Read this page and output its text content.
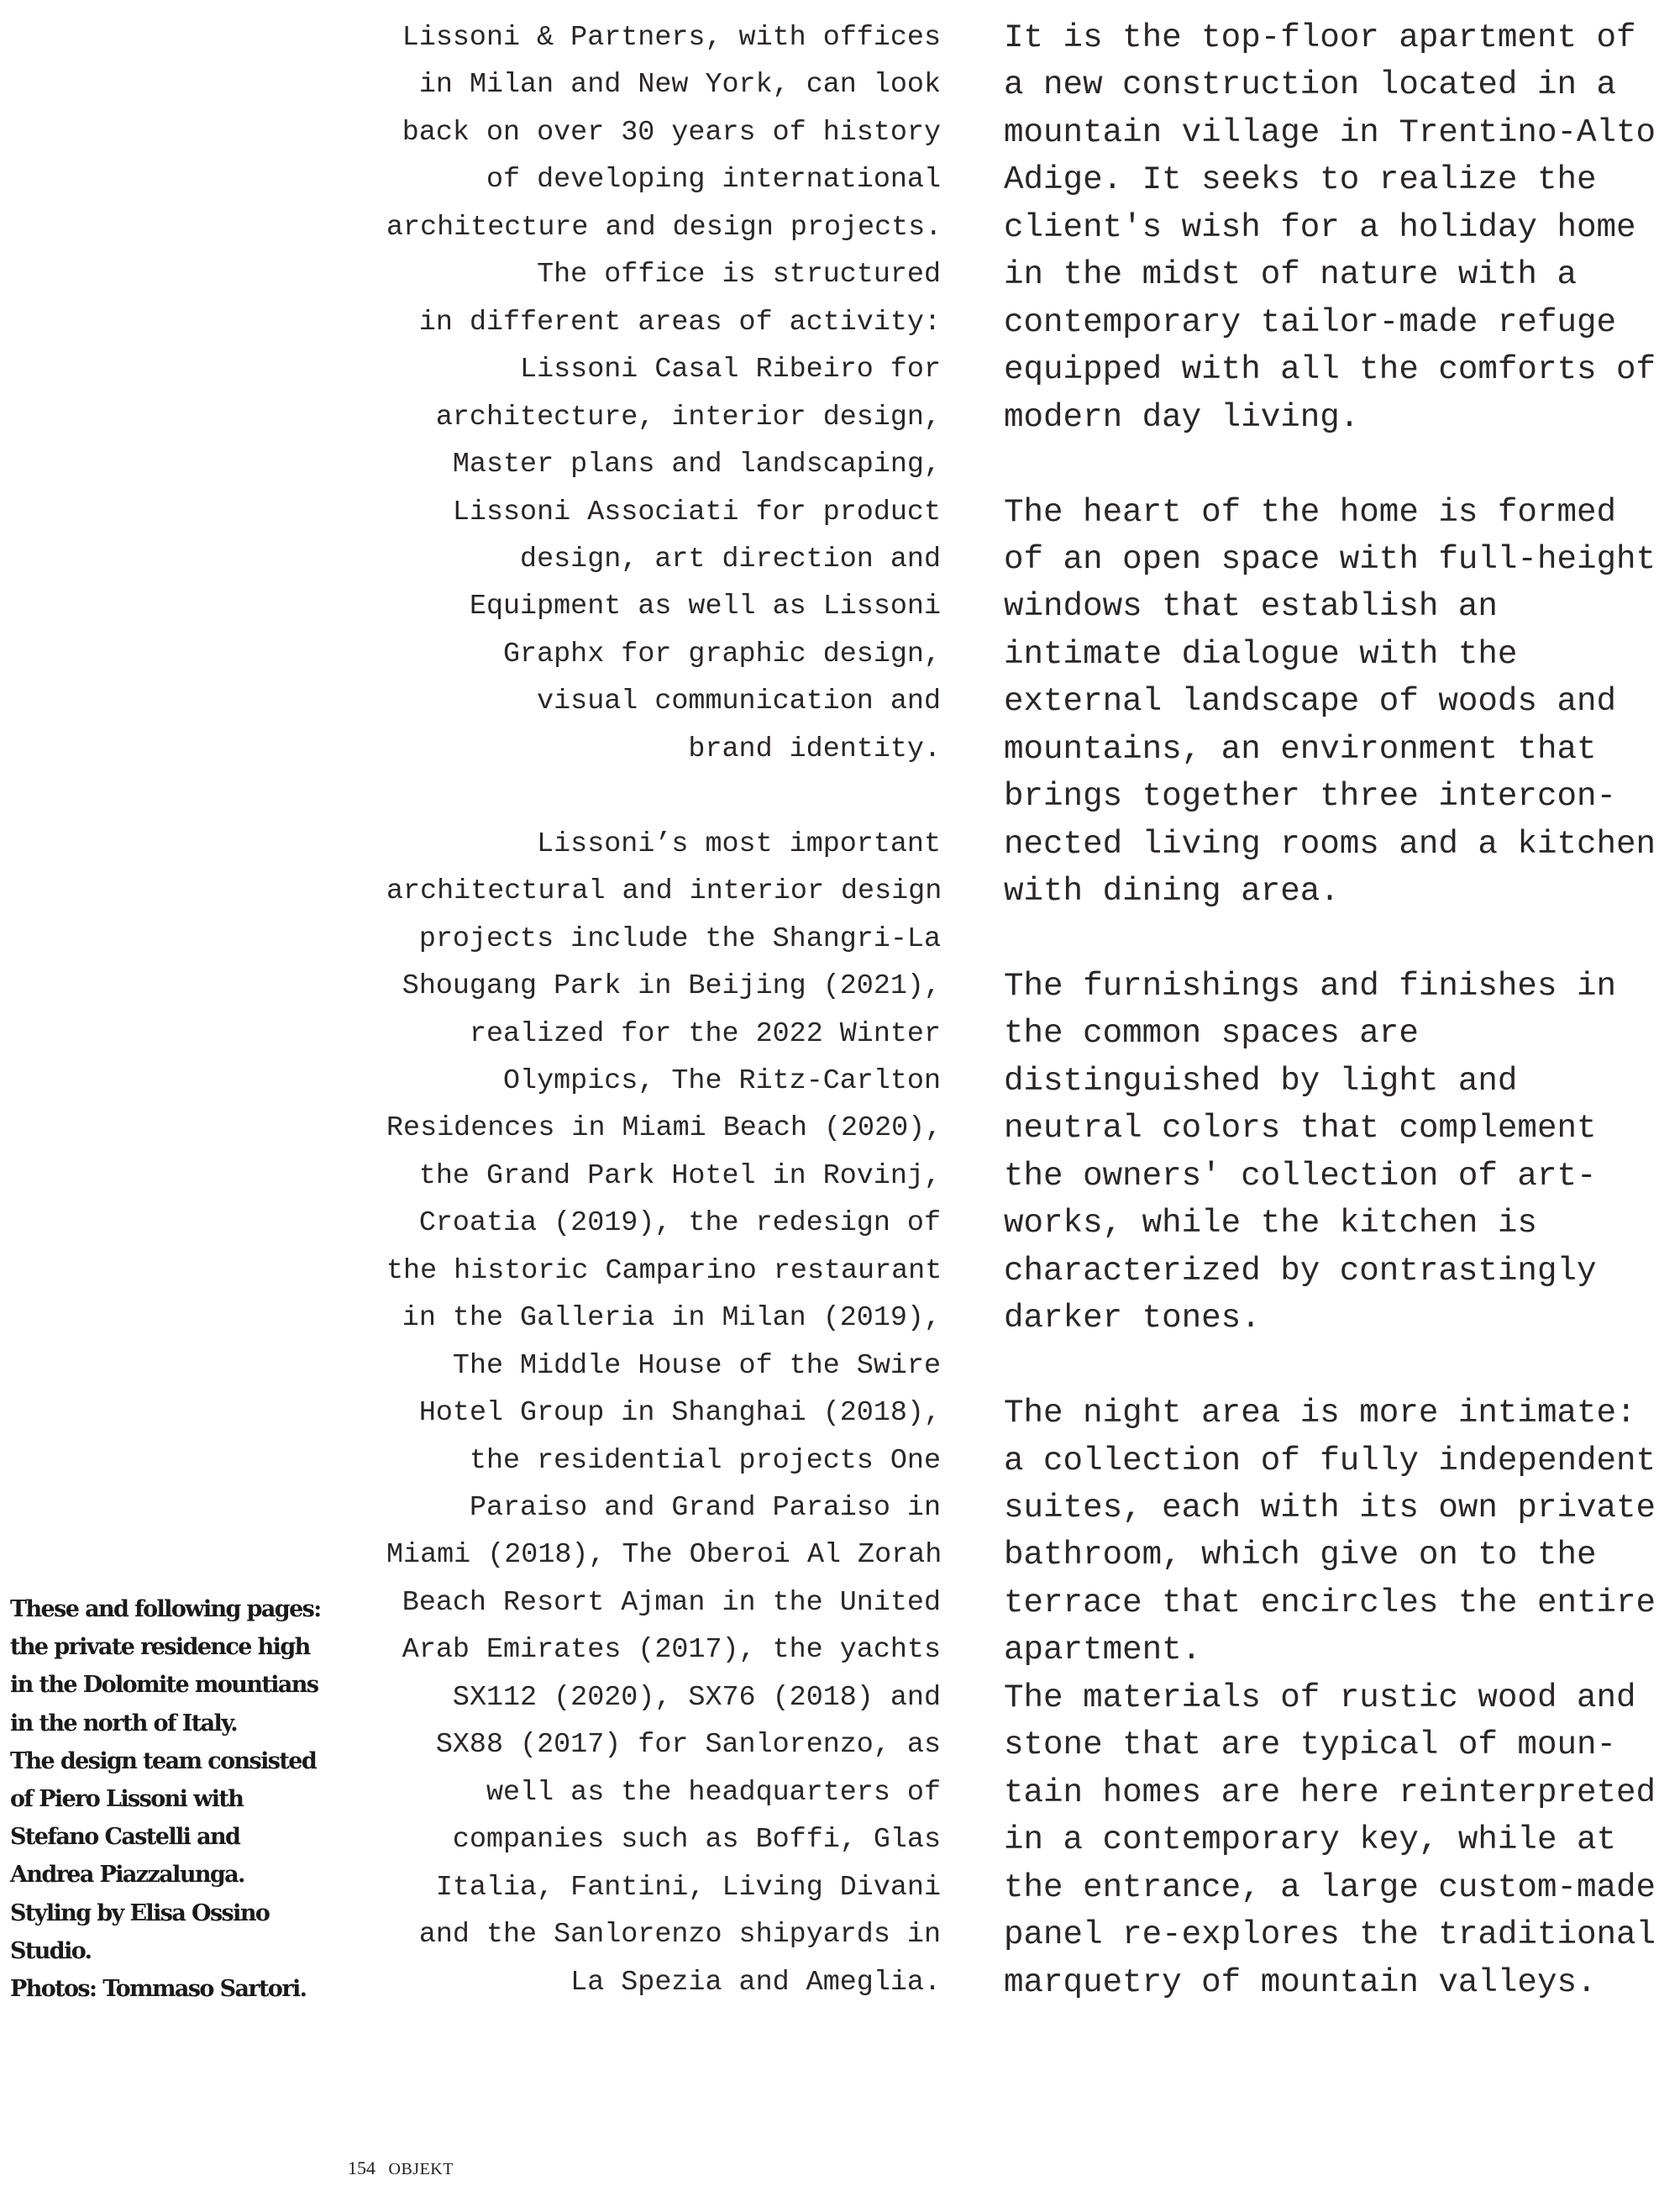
These and following pages:
the private residence high
in the Dolomite mountians
in the north of Italy.
The design team consisted
of Piero Lissoni with
Stefano Castelli and
Andrea Piazzalunga.
Styling by Elisa Ossino
Studio.
Photos: Tommaso Sartori.
Lissoni & Partners, with offices
in Milan and New York, can look
back on over 30 years of history
of developing international
architecture and design projects.
The office is structured
in different areas of activity:
Lissoni Casal Ribeiro for
architecture, interior design,
Master plans and landscaping,
Lissoni Associati for product
design, art direction and
Equipment as well as Lissoni
Graphx for graphic design,
visual communication and
brand identity.
Lissoni’s most important
architectural and interior design
projects include the Shangri-La
Shougang Park in Beijing (2021),
realized for the 2022 Winter
Olympics, The Ritz-Carlton
Residences in Miami Beach (2020),
the Grand Park Hotel in Rovinj,
Croatia (2019), the redesign of
the historic Camparino restaurant
in the Galleria in Milan (2019),
The Middle House of the Swire
Hotel Group in Shanghai (2018),
the residential projects One
Paraiso and Grand Paraiso in
Miami (2018), The Oberoi Al Zorah
Beach Resort Ajman in the United
Arab Emirates (2017), the yachts
SX112 (2020), SX76 (2018) and
SX88 (2017) for Sanlorenzo, as
well as the headquarters of
companies such as Boffi, Glas
Italia, Fantini, Living Divani
and the Sanlorenzo shipyards in
La Spezia and Ameglia.
It is the top-floor apartment of
a new construction located in a
mountain village in Trentino-Alto
Adige. It seeks to realize the
client's wish for a holiday home
in the midst of nature with a
contemporary tailor-made refuge
equipped with all the comforts of
modern day living.
The heart of the home is formed
of an open space with full-height
windows that establish an
intimate dialogue with the
external landscape of woods and
mountains, an environment that
brings together three intercon-
nected living rooms and a kitchen
with dining area.
The furnishings and finishes in
the common spaces are
distinguished by light and
neutral colors that complement
the owners' collection of art-
works, while the kitchen is
characterized by contrastingly
darker tones.
The night area is more intimate:
a collection of fully independent
suites, each with its own private
bathroom, which give on to the
terrace that encircles the entire
apartment.
The materials of rustic wood and
stone that are typical of moun-
tain homes are here reinterpreted
in a contemporary key, while at
the entrance, a large custom-made
panel re-explores the traditional
marquetry of mountain valleys.
154 OBJEKT
